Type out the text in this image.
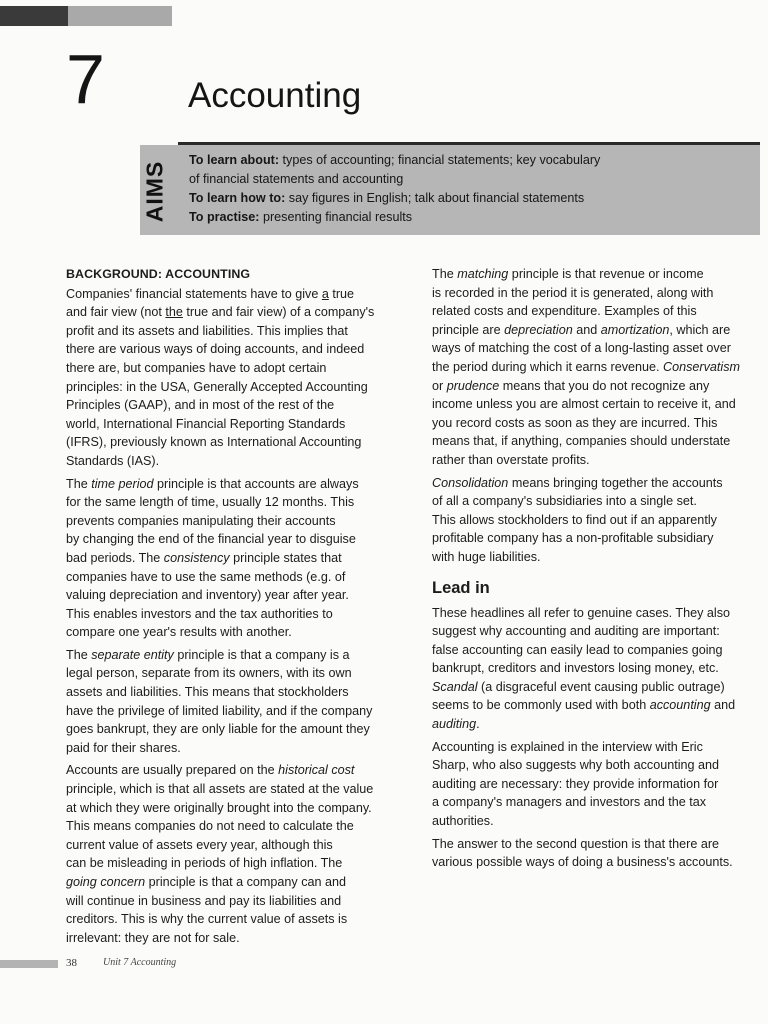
7 Accounting
AIMS

To learn about: types of accounting; financial statements; key vocabulary

of financial statements and accounting

To learn how to: say figures in English; talk about financial statements

To practise: presenting financial results

BACKGROUND: ACCOUNTING

Companies' financial statements have to give a true
and fair view (not the true and fair view) of a company's
profit and its assets and liabilities. This implies that
there are various ways of doing accounts, and indeed
there are, but companies have to adopt certain
principles: in the USA, Generally Accepted Accounting
Principles (GAAP), and in most of the rest of the
world, International Financial Reporting Standards
(IFRS), previously known as International Accounting
Standards (IAS).

The time period principle is that accounts are always
for the same length of time, usually 12 months. This
prevents companies manipulating their accounts
by changing the end of the financial year to disguise
bad periods. The consistency principle states that
companies have to use the same methods (e.g. of
valuing depreciation and inventory) year after year.
This enables investors and the tax authorities to
compare one year's results with another.

The separate entity principle is that a company is a
legal person, separate from its owners, with its own
assets and liabilities. This means that stockholders
have the privilege of limited liability, and if the company
goes bankrupt, they are only liable for the amount they
paid for their shares.

Accounts are usually prepared on the historical cost
principle, which is that all assets are stated at the value
at which they were originally brought into the company.
This means companies do not need to calculate the
current value of assets every year, although this
can be misleading in periods of high inflation. The
going concern principle is that a company can and
will continue in business and pay its liabilities and
creditors. This is why the current value of assets is
irrelevant: they are not for sale.

The matching principle is that revenue or income
is recorded in the period it is generated, along with
related costs and expenditure. Examples of this
principle are depreciation and amortization, which are
ways of matching the cost of a long-lasting asset over
the period during which it earns revenue. Conservatism
or prudence means that you do not recognize any
income unless you are almost certain to receive it, and
you record costs as soon as they are incurred. This
means that, if anything, companies should understate
rather than overstate profits.

Consolidation means bringing together the accounts
of all a company's subsidiaries into a single set.
This allows stockholders to find out if an apparently
profitable company has a non-profitable subsidiary
with huge liabilities.

Lead in

These headlines all refer to genuine cases. They also
suggest why accounting and auditing are important:
false accounting can easily lead to companies going
bankrupt, creditors and investors losing money, etc.
Scandal (a disgraceful event causing public outrage)
seems to be commonly used with both accounting and
auditing.

Accounting is explained in the interview with Eric
Sharp, who also suggests why both accounting and
auditing are necessary: they provide information for
a company's managers and investors and the tax
authorities.

The answer to the second question is that there are
various possible ways of doing a business's accounts.

38	Unit 7 Accounting
